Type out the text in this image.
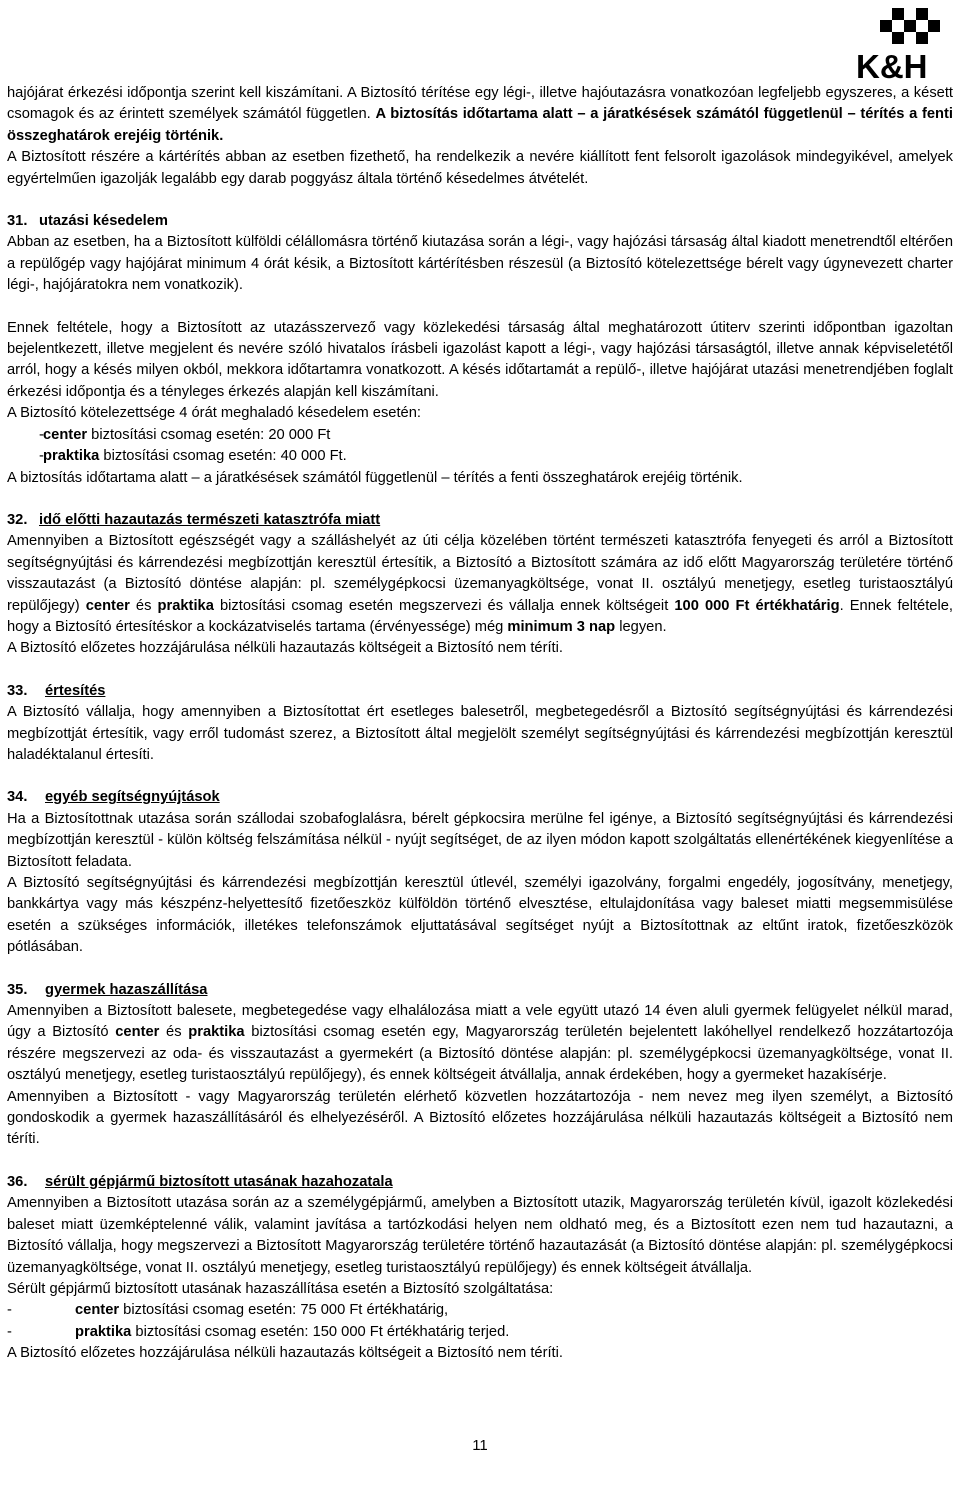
K&H

hajójárat érkezési időpontja szerint kell kiszámítani. A Biztosító térítése egy légi-, illetve hajóutazásra vonatkozóan legfeljebb egyszeres, a késett csomagok és az érintett személyek számától független. A biztosítás időtartama alatt – a járatkésések számától függetlenül – térítés a fenti összeghatárok erejéig történik.

A Biztosított részére a kártérítés abban az esetben fizethető, ha rendelkezik a nevére kiállított fent felsorolt igazolások mindegyikével, amelyek egyértelműen igazolják legalább egy darab poggyász általa történő késedelmes átvételét.

31. utazási késedelem

Abban az esetben, ha a Biztosított külföldi célállomásra történő kiutazása során a légi-, vagy hajózási társaság által kiadott menetrendtől eltérően a repülőgép vagy hajójárat minimum 4 órát késik, a Biztosított kártérítésben részesül (a Biztosító kötelezettsége bérelt vagy úgynevezett charter légi-, hajójáratokra nem vonatkozik).

Ennek feltétele, hogy a Biztosított az utazásszervező vagy közlekedési társaság által meghatározott útiterv szerinti időpontban igazoltan bejelentkezett, illetve megjelent és nevére szóló hivatalos írásbeli igazolást kapott a légi-, vagy hajózási társaságtól, illetve annak képviseletétől arról, hogy a késés milyen okból, mekkora időtartamra vonatkozott. A késés időtartamát a repülő-, illetve hajójárat utazási menetrendjében foglalt érkezési időpontja és a tényleges érkezés alapján kell kiszámítani.

A Biztosító kötelezettsége 4 órát meghaladó késedelem esetén:

- center biztosítási csomag esetén: 20 000 Ft
- praktika biztosítási csomag esetén: 40 000 Ft.

A biztosítás időtartama alatt – a járatkésések számától függetlenül – térítés a fenti összeghatárok erejéig történik.

32. idő előtti hazautazás természeti katasztrófa miatt

Amennyiben a Biztosított egészségét vagy a szálláshelyét az úti célja közelében történt természeti katasztrófa fenyegeti és arról a Biztosított segítségnyújtási és kárrendezési megbízottján keresztül értesítik, a Biztosító a Biztosított számára az idő előtt Magyarország területére történő visszautazást (a Biztosító döntése alapján: pl. személygépkocsi üzemanyagköltsége, vonat II. osztályú menetjegy, esetleg turistaosztályú repülőjegy) center és praktika biztosítási csomag esetén megszervezi és vállalja ennek költségeit 100 000 Ft értékhatárig. Ennek feltétele, hogy a Biztosító értesítéskor a kockázatviselés tartama (érvényessége) még minimum 3 nap legyen.

A Biztosító előzetes hozzájárulása nélküli hazautazás költségeit a Biztosító nem téríti.

33. értesítés

A Biztosító vállalja, hogy amennyiben a Biztosítottat ért esetleges balesetről, megbetegedésről a Biztosító segítségnyújtási és kárrendezési megbízottját értesítik, vagy erről tudomást szerez, a Biztosított által megjelölt személyt segítségnyújtási és kárrendezési megbízottján keresztül haladéktalanul értesíti.

34. egyéb segítségnyújtások

Ha a Biztosítottnak utazása során szállodai szobafoglalásra, bérelt gépkocsira merülne fel igénye, a Biztosító segítségnyújtási és kárrendezési megbízottján keresztül - külön költség felszámítása nélkül - nyújt segítséget, de az ilyen módon kapott szolgáltatás ellenértékének kiegyenlítése a Biztosított feladata.

A Biztosító segítségnyújtási és kárrendezési megbízottján keresztül útlevél, személyi igazolvány, forgalmi engedély, jogosítvány, menetjegy, bankkártya vagy más készpénz-helyettesítő fizetőeszköz külföldön történő elvesztése, eltulajdonítása vagy baleset miatti megsemmisülése esetén a szükséges információk, illetékes telefonszámok eljuttatásával segítséget nyújt a Biztosítottnak az eltűnt iratok, fizetőeszközök pótlásában.

35. gyermek hazaszállítása

Amennyiben a Biztosított balesete, megbetegedése vagy elhalálozása miatt a vele együtt utazó 14 éven aluli gyermek felügyelet nélkül marad, úgy a Biztosító center és praktika biztosítási csomag esetén egy, Magyarország területén bejelentett lakóhellyel rendelkező hozzátartozója részére megszervezi az oda- és visszautazást a gyermekért (a Biztosító döntése alapján: pl. személygépkocsi üzemanyagköltsége, vonat II. osztályú menetjegy, esetleg turistaosztályú repülőjegy), és ennek költségeit átvállalja, annak érdekében, hogy a gyermeket hazakísérje.

Amennyiben a Biztosított - vagy Magyarország területén elérhető közvetlen hozzátartozója - nem nevez meg ilyen személyt, a Biztosító gondoskodik a gyermek hazaszállításáról és elhelyezéséről. A Biztosító előzetes hozzájárulása nélküli hazautazás költségeit a Biztosító nem téríti.

36. sérült gépjármű biztosított utasának hazahozatala

Amennyiben a Biztosított utazása során az a személygépjármű, amelyben a Biztosított utazik, Magyarország területén kívül, igazolt közlekedési baleset miatt üzemképtelenné válik, valamint javítása a tartózkodási helyen nem oldható meg, és a Biztosított ezen nem tud hazautazni, a Biztosító vállalja, hogy megszervezi a Biztosított Magyarország területére történő hazautazását (a Biztosító döntése alapján: pl. személygépkocsi üzemanyagköltsége, vonat II. osztályú menetjegy, esetleg turistaosztályú repülőjegy) és ennek költségeit átvállalja.

Sérült gépjármű biztosított utasának hazaszállítása esetén a Biztosító szolgáltatása:

-	center biztosítási csomag esetén: 75 000 Ft értékhatárig,
-	praktika biztosítási csomag esetén: 150 000 Ft értékhatárig terjed.

A Biztosító előzetes hozzájárulása nélküli hazautazás költségeit a Biztosító nem téríti.

11
